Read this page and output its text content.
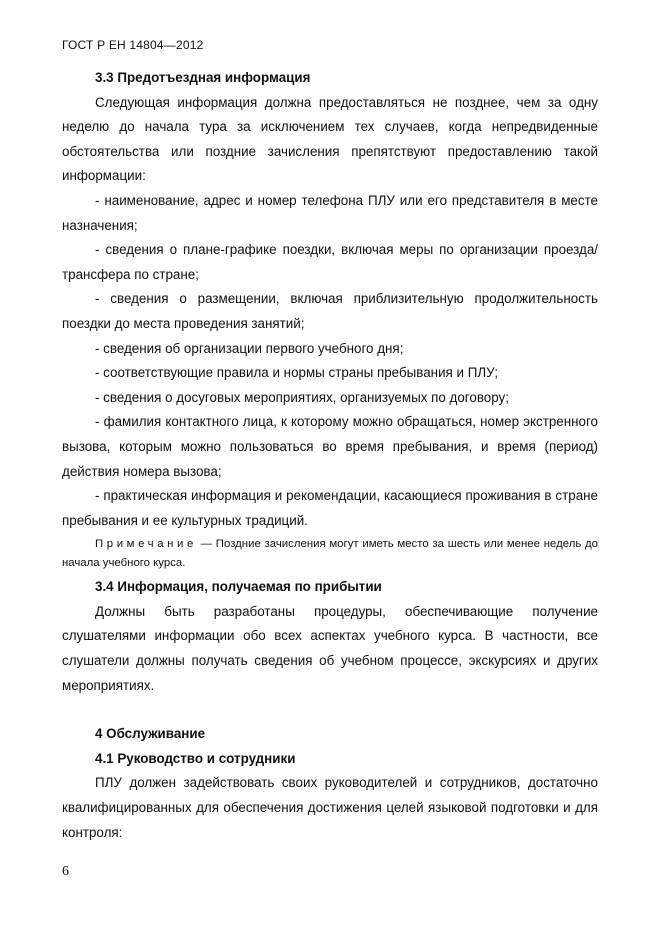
ГОСТ Р ЕН 14804—2012

3.3 Предотъездная информация

Следующая информация должна предоставляться не позднее, чем за одну неделю до начала тура за исключением тех случаев, когда непредвиденные обстоятельства или поздние зачисления препятствуют предоставлению такой информации:

- наименование, адрес и номер телефона ПЛУ или его представителя в месте назначения;

- сведения о плане-графике поездки, включая меры по организации проезда/трансфера по стране;

- сведения о размещении, включая приблизительную продолжительность поездки до места проведения занятий;

- сведения об организации первого учебного дня;

- соответствующие правила и нормы страны пребывания и ПЛУ;

- сведения о досуговых мероприятиях, организуемых по договору;

- фамилия контактного лица, к которому можно обращаться, номер экстренного вызова, которым можно пользоваться во время пребывания, и время (период) действия номера вызова;

- практическая информация и рекомендации, касающиеся проживания в стране пребывания и ее культурных традиций.

Примечание — Поздние зачисления могут иметь место за шесть или менее недель до начала учебного курса.

3.4 Информация, получаемая по прибытии

Должны быть разработаны процедуры, обеспечивающие получение слушателями информации обо всех аспектах учебного курса. В частности, все слушатели должны получать сведения об учебном процессе, экскурсиях и других мероприятиях.

4 Обслуживание

4.1 Руководство и сотрудники

ПЛУ должен задействовать своих руководителей и сотрудников, достаточно квалифицированных для обеспечения достижения целей языковой подготовки и для контроля:

6
